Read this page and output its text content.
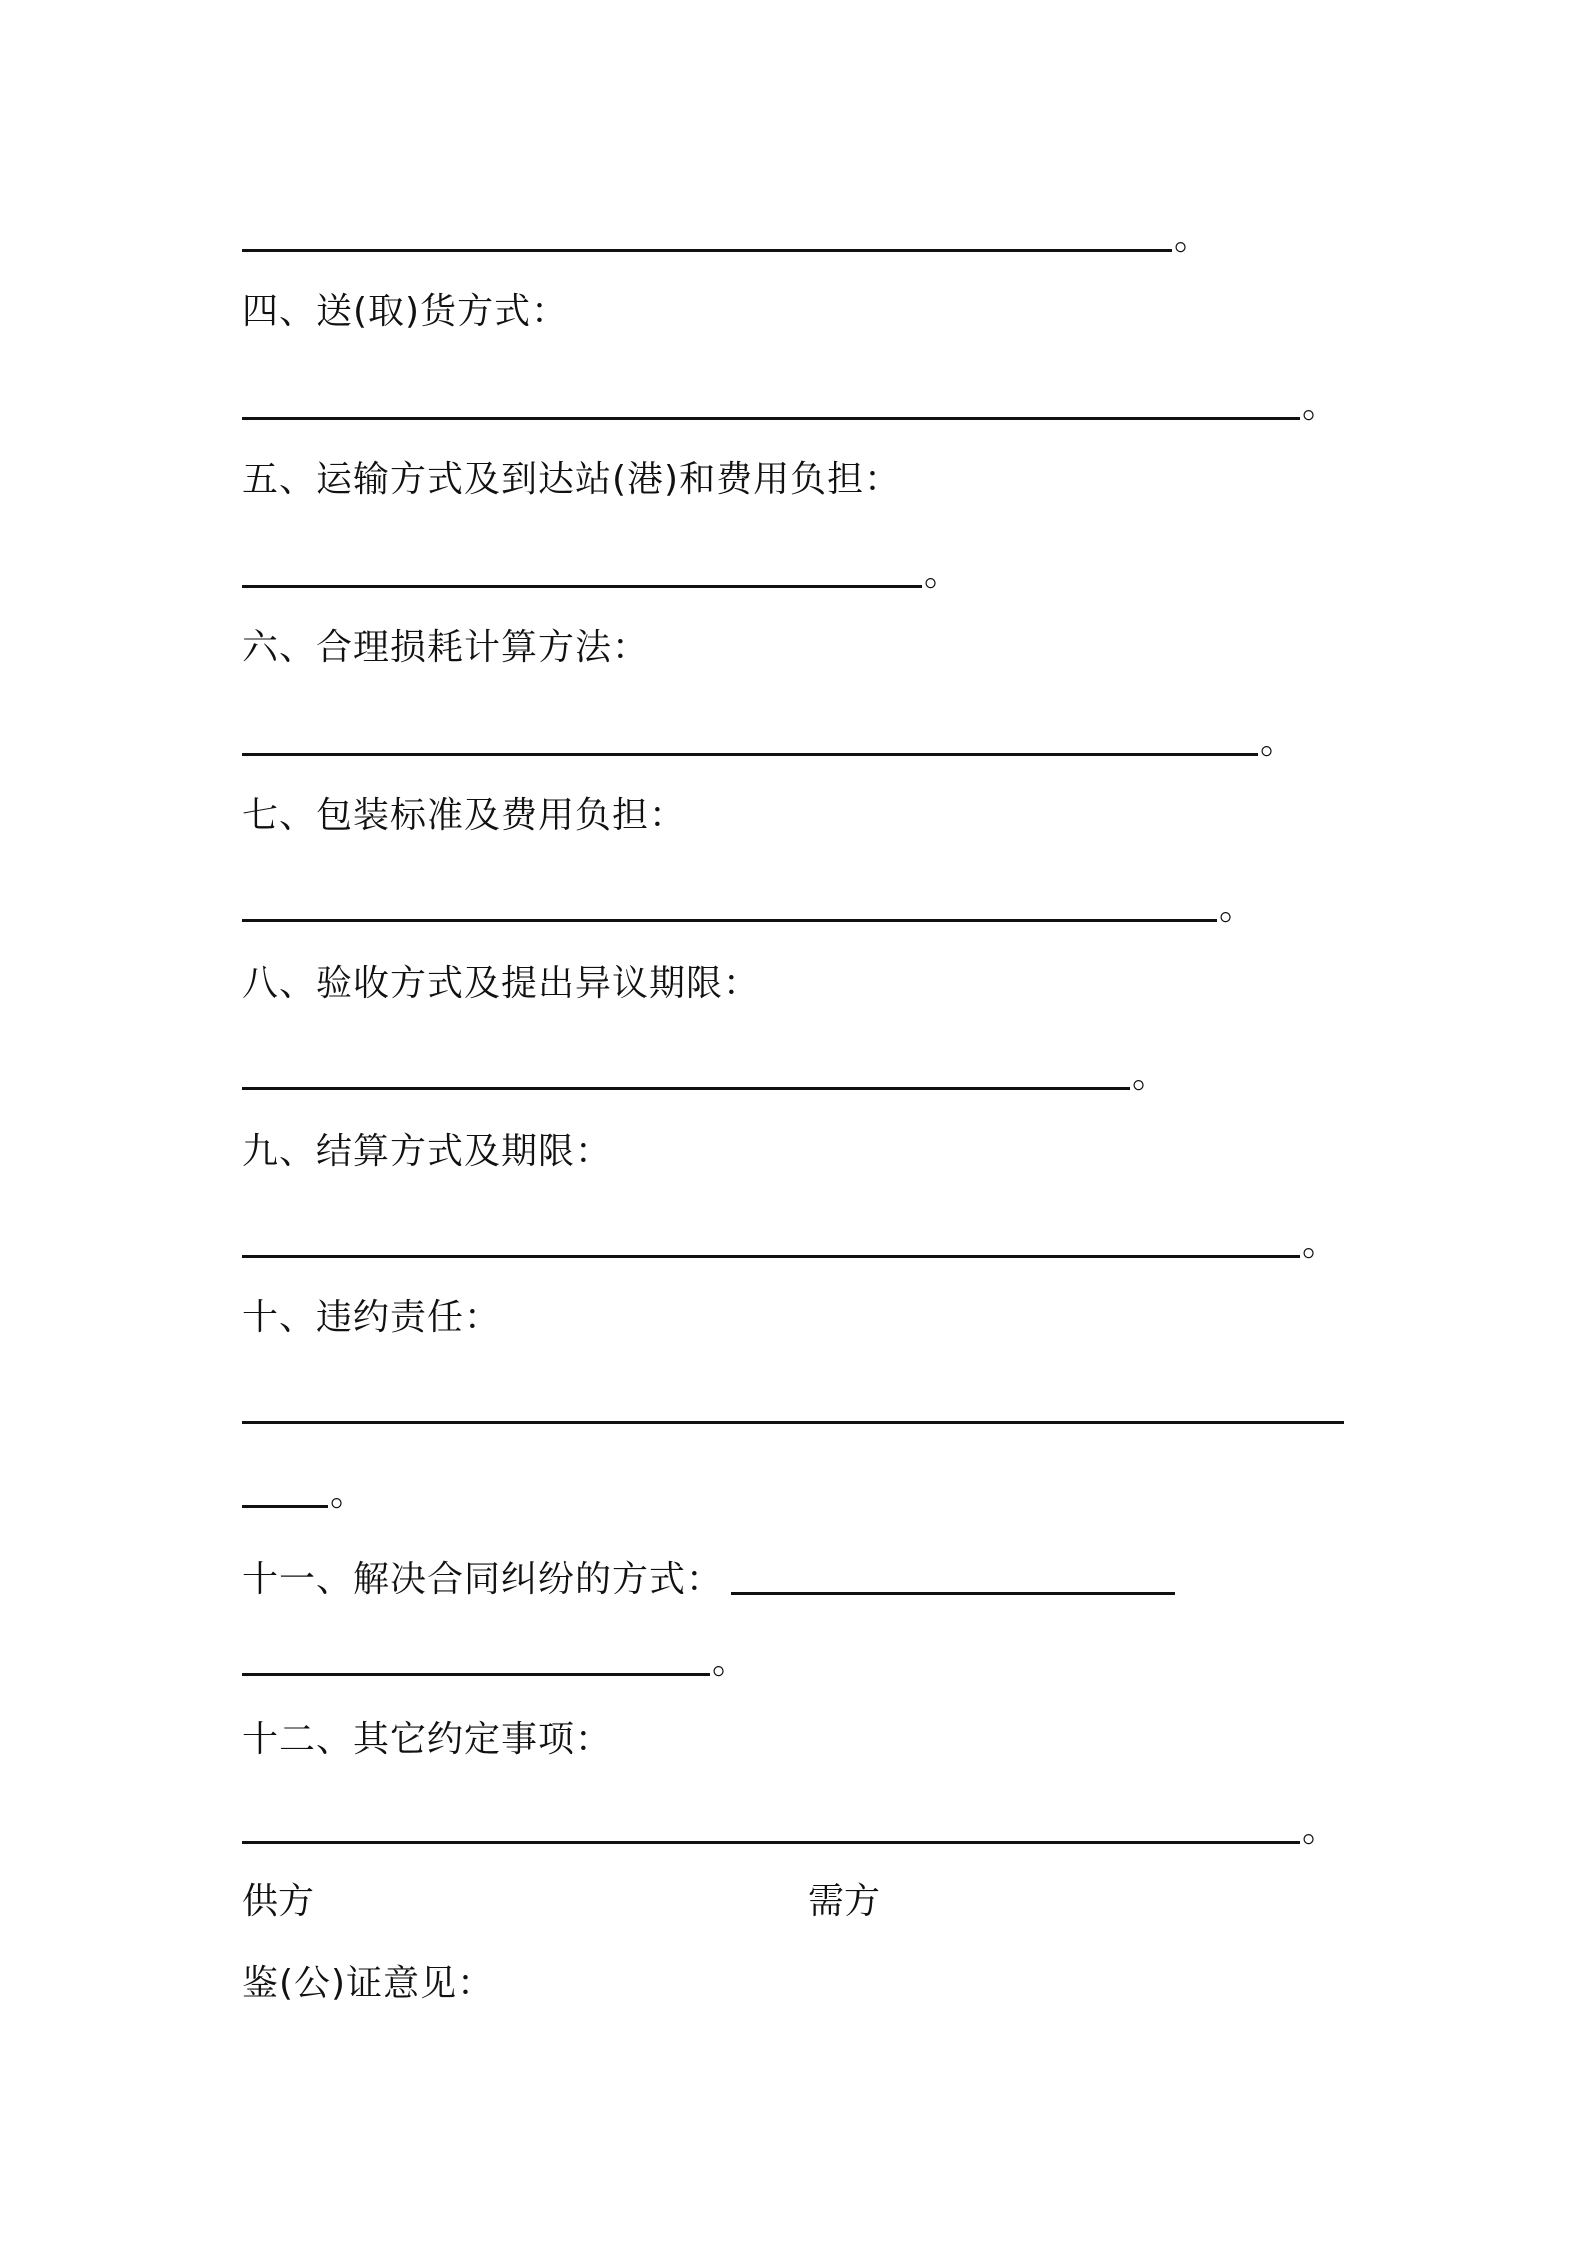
。
四、送(取)货方式：
。
五、运输方式及到达站(港)和费用负担：
。
六、合理损耗计算方法：
。
七、包装标准及费用负担：
。
八、验收方式及提出异议期限：
。
九、结算方式及期限：
。
十、违约责任：
。
十一、解决合同纠纷的方式：
。
十二、其它约定事项：
。
供方	需方
鉴(公)证意见：
